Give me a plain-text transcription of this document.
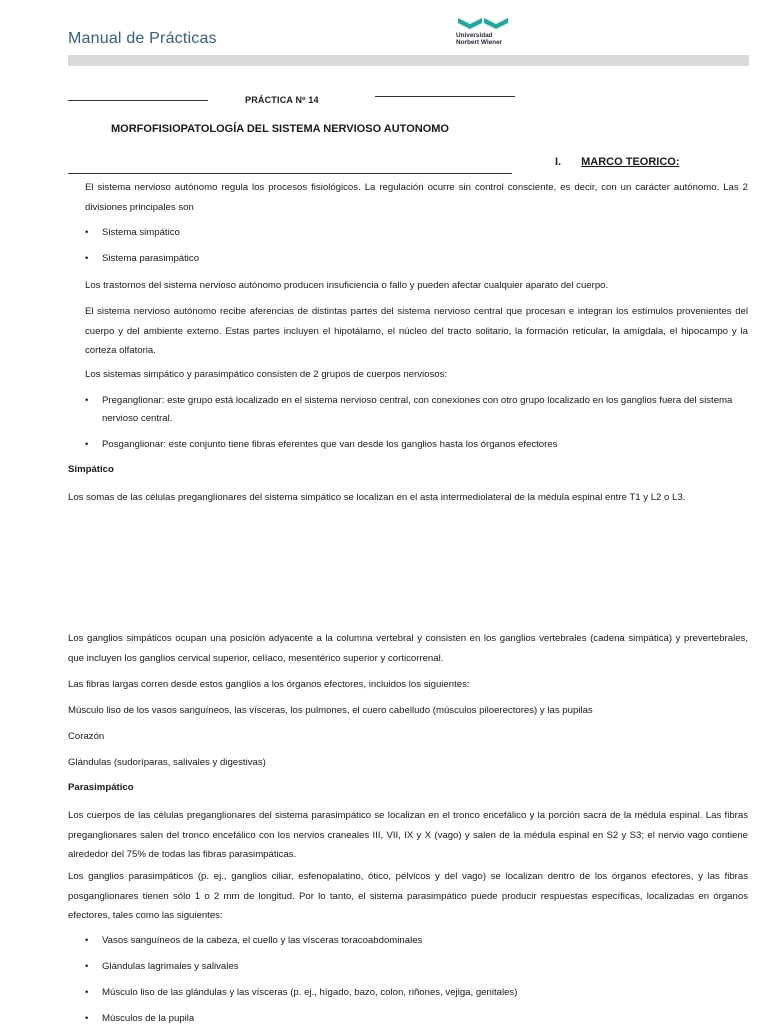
Manual de Prácticas	Universidad
Norbert Wiener
PRÁCTICA Nº 14
MORFOFISIOPATOLOGÍA DEL SISTEMA NERVIOSO AUTONOMO
I. MARCO TEORICO:

El sistema nervioso autónomo regula los procesos fisiológicos. La regulación ocurre sin control consciente, es decir, con un carácter autónomo. Las 2 divisiones principales son

• Sistema simpático
• Sistema parasimpático

Los trastornos del sistema nervioso autónomo producen insuficiencia o fallo y pueden afectar cualquier aparato del cuerpo.

El sistema nervioso autónomo recibe aferencias de distintas partes del sistema nervioso central que procesan e integran los estímulos provenientes del cuerpo y del ambiente externo. Estas partes incluyen el hipotálamo, el núcleo del tracto solitario, la formación reticular, la amígdala, el hipocampo y la corteza olfatoria.

Los sistemas simpático y parasimpático consisten de 2 grupos de cuerpos nerviosos:

• Preganglionar: este grupo está localizado en el sistema nervioso central, con conexiones con otro grupo localizado en los ganglios fuera del sistema nervioso central.
• Posganglionar: este conjunto tiene fibras eferentes que van desde los ganglios hasta los órganos efectores

Simpático

Los somas de las células preganglionares del sistema simpático se localizan en el asta intermediolateral de la médula espinal entre T1 y L2 o L3.

Los ganglios simpáticos ocupan una posición adyacente a la columna vertebral y consisten en los ganglios vertebrales (cadena simpática) y prevertebrales, que incluyen los ganglios cervical superior, celíaco, mesentérico superior y corticorrenal.

Las fibras largas corren desde estos ganglios a los órganos efectores, incluidos los siguientes:

Músculo liso de los vasos sanguíneos, las vísceras, los pulmones, el cuero cabelludo (músculos piloerectores) y las pupilas

Corazón

Glándulas (sudoríparas, salivales y digestivas)

Parasimpático

Los cuerpos de las células preganglionares del sistema parasimpático se localizan en el tronco encefálico y la porción sacra de la médula espinal. Las fibras preganglionares salen del tronco encefálico con los nervios craneales III, VII, IX y X (vago) y salen de la médula espinal en S2 y S3; el nervio vago contiene alrededor del 75% de todas las fibras parasimpáticas.

Los ganglios parasimpáticos (p. ej., ganglios ciliar, esfenopalatino, ótico, pélvicos y del vago) se localizan dentro de los órganos efectores, y las fibras posganglionares tienen sólo 1 o 2 mm de longitud. Por lo tanto, el sistema parasimpático puede producir respuestas específicas, localizadas en órganos efectores, tales como las siguientes:

• Vasos sanguíneos de la cabeza, el cuello y las vísceras toracoabdominales
• Glándulas lagrimales y salivales
• Músculo liso de las glándulas y las vísceras (p. ej., hígado, bazo, colon, riñones, vejiga, genitales)
• Músculos de la pupila
